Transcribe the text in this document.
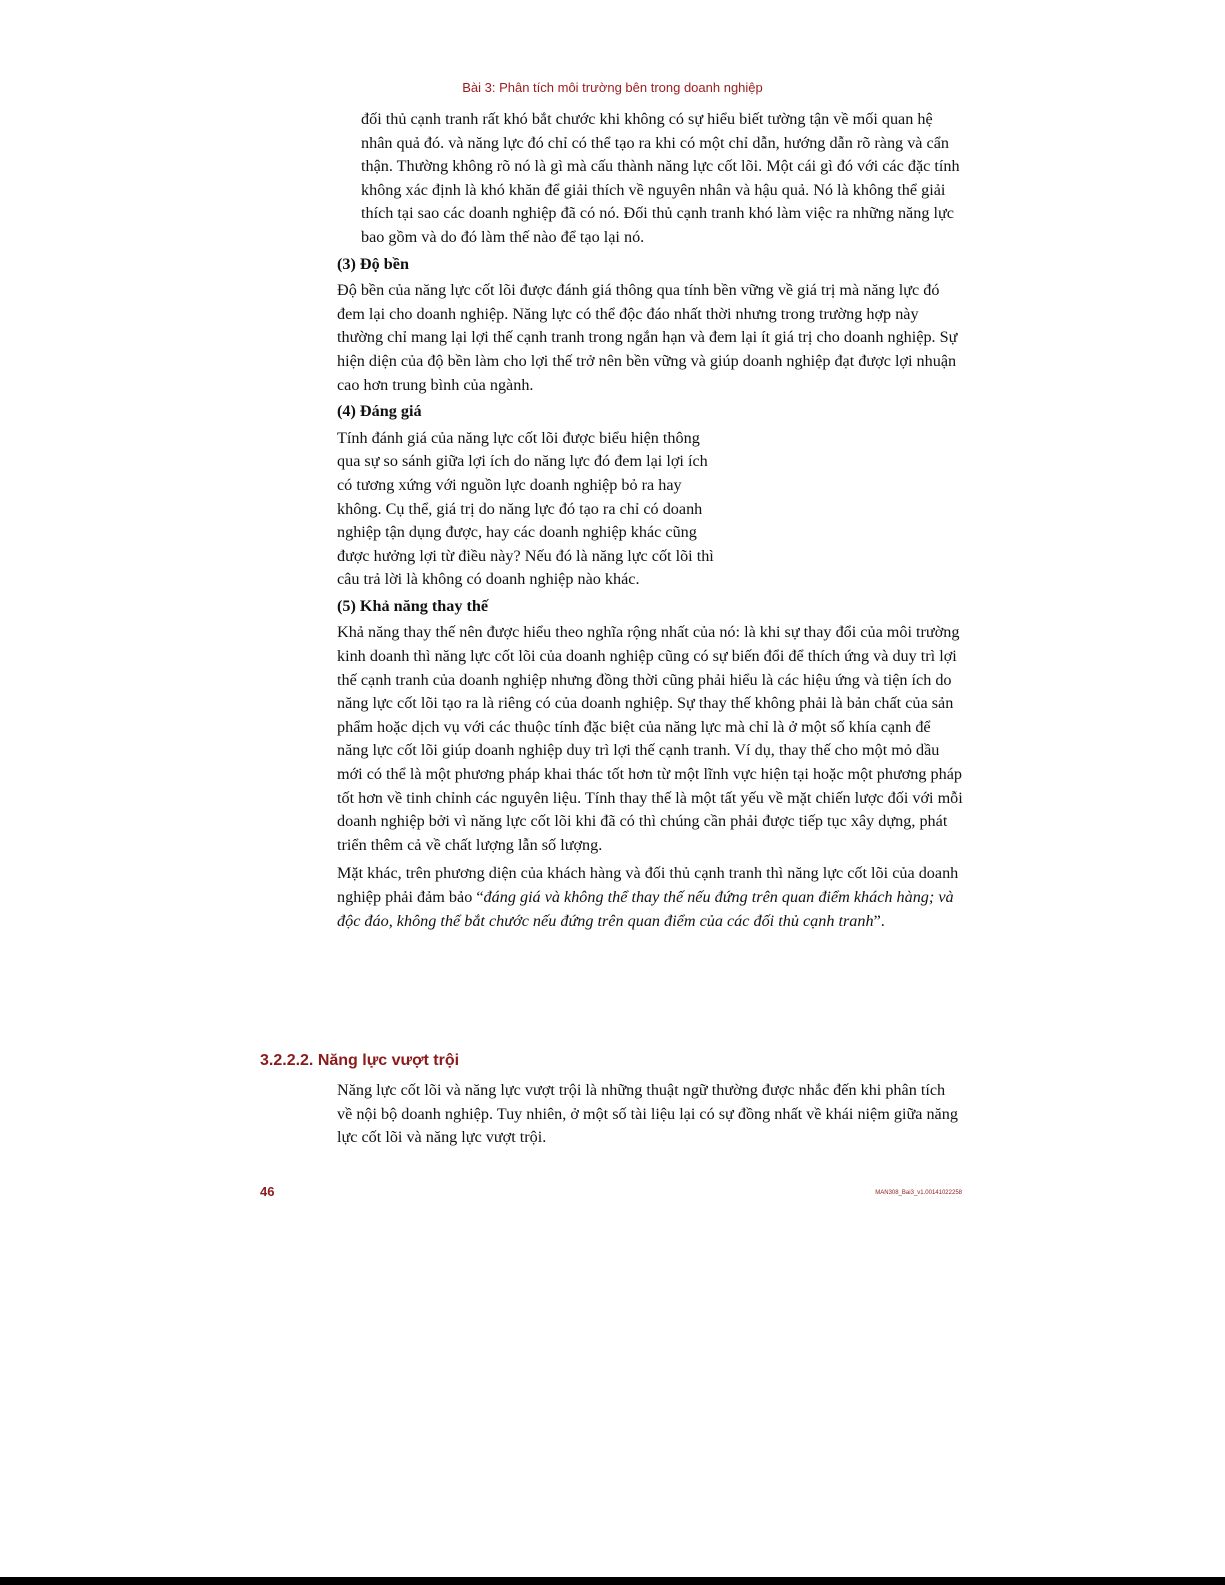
Bài 3: Phân tích môi trường bên trong doanh nghiệp

đối thủ cạnh tranh rất khó bắt chước khi không có sự hiểu biết tường tận về mối quan hệ nhân quả đó. và năng lực đó chỉ có thể tạo ra khi có một chỉ dẫn, hướng dẫn rõ ràng và cẩn thận. Thường không rõ nó là gì mà cấu thành năng lực cốt lõi. Một cái gì đó với các đặc tính không xác định là khó khăn để giải thích về nguyên nhân và hậu quả. Nó là không thể giải thích tại sao các doanh nghiệp đã có nó. Đối thủ cạnh tranh khó làm việc ra những năng lực bao gồm và do đó làm thế nào để tạo lại nó.

(3) Độ bền

Độ bền của năng lực cốt lõi được đánh giá thông qua tính bền vững về giá trị mà năng lực đó đem lại cho doanh nghiệp. Năng lực có thể độc đáo nhất thời nhưng trong trường hợp này thường chỉ mang lại lợi thế cạnh tranh trong ngắn hạn và đem lại ít giá trị cho doanh nghiệp. Sự hiện diện của độ bền làm cho lợi thế trở nên bền vững và giúp doanh nghiệp đạt được lợi nhuận cao hơn trung bình của ngành.

(4) Đáng giá

Tính đánh giá của năng lực cốt lõi được biểu hiện thông qua sự so sánh giữa lợi ích do năng lực đó đem lại lợi ích có tương xứng với nguồn lực doanh nghiệp bỏ ra hay không. Cụ thể, giá trị do năng lực đó tạo ra chỉ có doanh nghiệp tận dụng được, hay các doanh nghiệp khác cũng được hưởng lợi từ điều này? Nếu đó là năng lực cốt lõi thì câu trả lời là không có doanh nghiệp nào khác.

(5) Khả năng thay thế

Khả năng thay thế nên được hiểu theo nghĩa rộng nhất của nó: là khi sự thay đổi của môi trường kinh doanh thì năng lực cốt lõi của doanh nghiệp cũng có sự biến đổi để thích ứng và duy trì lợi thế cạnh tranh của doanh nghiệp nhưng đồng thời cũng phải hiểu là các hiệu ứng và tiện ích do năng lực cốt lõi tạo ra là riêng có của doanh nghiệp. Sự thay thế không phải là bản chất của sản phẩm hoặc dịch vụ với các thuộc tính đặc biệt của năng lực mà chỉ là ở một số khía cạnh để năng lực cốt lõi giúp doanh nghiệp duy trì lợi thế cạnh tranh. Ví dụ, thay thế cho một mỏ dầu mới có thể là một phương pháp khai thác tốt hơn từ một lĩnh vực hiện tại hoặc một phương pháp tốt hơn về tinh chỉnh các nguyên liệu. Tính thay thế là một tất yếu về mặt chiến lược đối với mỗi doanh nghiệp bởi vì năng lực cốt lõi khi đã có thì chúng cần phải được tiếp tục xây dựng, phát triển thêm cả về chất lượng lẫn số lượng.

Mặt khác, trên phương diện của khách hàng và đối thủ cạnh tranh thì năng lực cốt lõi của doanh nghiệp phải đảm bảo “đáng giá và không thể thay thế nếu đứng trên quan điểm khách hàng; và độc đáo, không thể bắt chước nếu đứng trên quan điểm của các đối thủ cạnh tranh”.

3.2.2.2. Năng lực vượt trội
Năng lực cốt lõi và năng lực vượt trội là những thuật ngữ thường được nhắc đến khi phân tích về nội bộ doanh nghiệp. Tuy nhiên, ở một số tài liệu lại có sự đồng nhất về khái niệm giữa năng lực cốt lõi và năng lực vượt trội.
46	MAN308_Bai3_v1.00141022258
